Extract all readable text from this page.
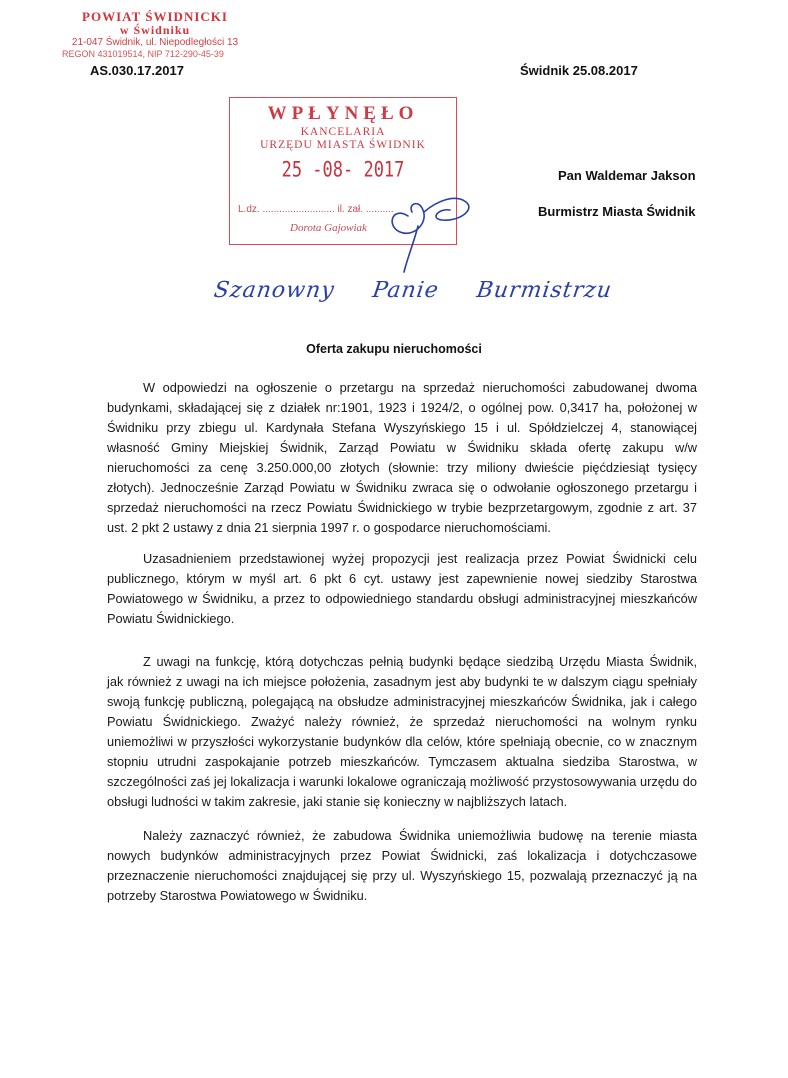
POWIAT ŚWIDNICKI
w Świdniku
21-047 Świdnik, ul. Niepodległości 13
REGON 431019514, NIP 712-290-45-39
AS.030.17.2017	Świdnik 25.08.2017
WPŁYNĘŁO
KANCELARIA
URZĘDU MIASTA ŚWIDNIK
25 -08- 2017
L.dz. .......................... il. zał. ..........
Dorota Gajowiak
Pan Waldemar Jakson
Burmistrz Miasta Świdnik
Szanowny Panie Burmistrzu
Oferta zakupu nieruchomości
W odpowiedzi na ogłoszenie o przetargu na sprzedaż nieruchomości zabudowanej dwoma
budynkami, składającej się z działek nr:1901, 1923 i 1924/2, o ogólnej pow. 0,3417 ha, położonej w
Świdniku przy zbiegu ul. Kardynała Stefana Wyszyńskiego 15 i ul. Spółdzielczej 4, stanowiącej
własność Gminy Miejskiej Świdnik, Zarząd Powiatu w Świdniku składa ofertę zakupu w/w
nieruchomości za cenę 3.250.000,00 złotych (słownie: trzy miliony dwieście pięćdziesiąt tysięcy
złotych). Jednocześnie Zarząd Powiatu w Świdniku zwraca się o odwołanie ogłoszonego przetargu i
sprzedaż nieruchomości na rzecz Powiatu Świdnickiego w trybie bezprzetargowym, zgodnie z art. 37
ust. 2 pkt 2 ustawy z dnia 21 sierpnia 1997 r. o gospodarce nieruchomościami.
Uzasadnieniem przedstawionej wyżej propozycji jest realizacja przez Powiat Świdnicki celu
publicznego, którym w myśl art. 6 pkt 6 cyt. ustawy jest zapewnienie nowej siedziby Starostwa
Powiatowego w Świdniku, a przez to odpowiedniego standardu obsługi administracyjnej mieszkańców
Powiatu Świdnickiego.
Z uwagi na funkcję, którą dotychczas pełnią budynki będące siedzibą Urzędu Miasta Świdnik,
jak również z uwagi na ich miejsce położenia, zasadnym jest aby budynki te w dalszym ciągu spełniały
swoją funkcję publiczną, polegającą na obsłudze administracyjnej mieszkańców Świdnika, jak i całego
Powiatu Świdnickiego. Zważyć należy również, że sprzedaż nieruchomości na wolnym rynku
uniemożliwi w przyszłości wykorzystanie budynków dla celów, które spełniają obecnie, co w znacznym
stopniu utrudni zaspokajanie potrzeb mieszkańców. Tymczasem aktualna siedziba Starostwa, w
szczególności zaś jej lokalizacja i warunki lokalowe ograniczają możliwość przystosowywania urzędu do
obsługi ludności w takim zakresie, jaki stanie się konieczny w najbliższych latach.
Należy zaznaczyć również, że zabudowa Świdnika uniemożliwia budowę na terenie miasta
nowych budynków administracyjnych przez Powiat Świdnicki, zaś lokalizacja i dotychczasowe
przeznaczenie nieruchomości znajdującej się przy ul. Wyszyńskiego 15, pozwalają przeznaczyć ją na
potrzeby Starostwa Powiatowego w Świdniku.
